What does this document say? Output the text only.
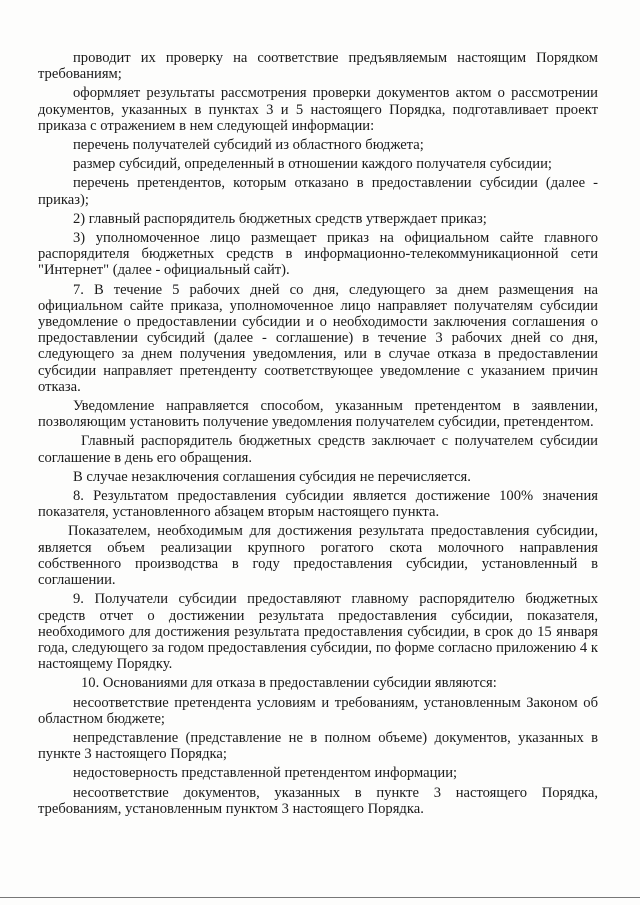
проводит их проверку на соответствие предъявляемым настоящим Порядком требованиям;

оформляет результаты рассмотрения проверки документов актом о рассмотрении документов, указанных в пунктах 3 и 5 настоящего Порядка, подготавливает проект приказа с отражением в нем следующей информации:

перечень получателей субсидий из областного бюджета;

размер субсидий, определенный в отношении каждого получателя субсидии;

перечень претендентов, которым отказано в предоставлении субсидии (далее - приказ);

2) главный распорядитель бюджетных средств утверждает приказ;

3) уполномоченное лицо размещает приказ на официальном сайте главного распорядителя бюджетных средств в информационно-телекоммуникационной сети "Интернет" (далее - официальный сайт).

7. В течение 5 рабочих дней со дня, следующего за днем размещения на официальном сайте приказа, уполномоченное лицо направляет получателям субсидии уведомление о предоставлении субсидии и о необходимости заключения соглашения о предоставлении субсидий (далее - соглашение) в течение 3 рабочих дней со дня, следующего за днем получения уведомления, или в случае отказа в предоставлении субсидии направляет претенденту соответствующее уведомление с указанием причин отказа.

Уведомление направляется способом, указанным претендентом в заявлении, позволяющим установить получение уведомления получателем субсидии, претендентом.

Главный распорядитель бюджетных средств заключает с получателем субсидии соглашение в день его обращения.

В случае незаключения соглашения субсидия не перечисляется.

8. Результатом предоставления субсидии является достижение 100% значения показателя, установленного абзацем вторым настоящего пункта.

Показателем, необходимым для достижения результата предоставления субсидии, является объем реализации крупного рогатого скота молочного направления собственного производства в году предоставления субсидии, установленный в соглашении.

9. Получатели субсидии предоставляют главному распорядителю бюджетных средств отчет о достижении результата предоставления субсидии, показателя, необходимого для достижения результата предоставления субсидии, в срок до 15 января года, следующего за годом предоставления субсидии, по форме согласно приложению 4 к настоящему Порядку.

10. Основаниями для отказа в предоставлении субсидии являются:

несоответствие претендента условиям и требованиям, установленным Законом об областном бюджете;

непредставление (представление не в полном объеме) документов, указанных в пункте 3 настоящего Порядка;

недостоверность представленной претендентом информации;

несоответствие документов, указанных в пункте 3 настоящего Порядка, требованиям, установленным пунктом 3 настоящего Порядка.
